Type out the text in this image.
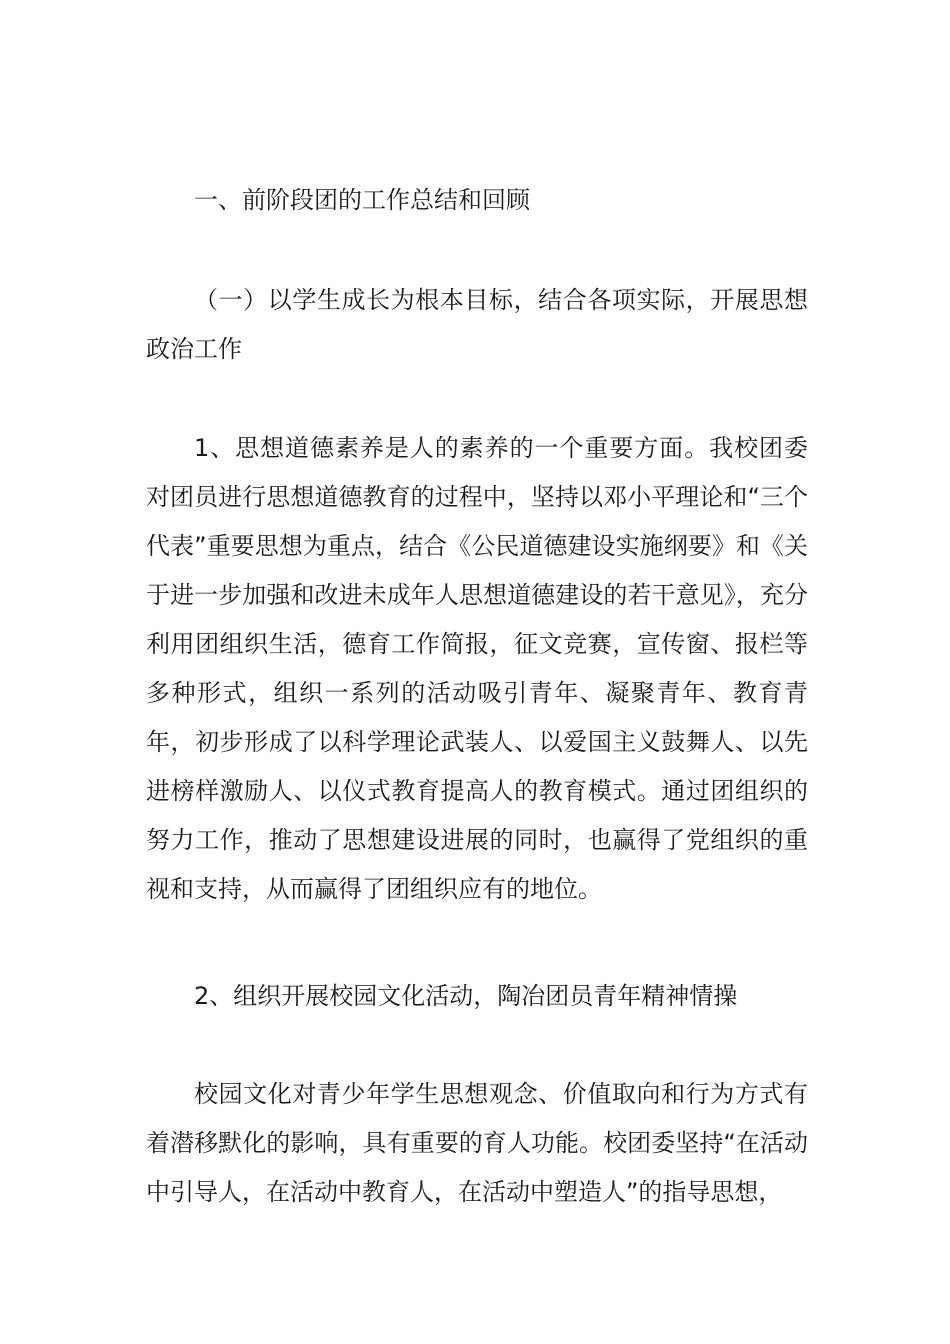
一、前阶段团的工作总结和回顾

（一）以学生成长为根本目标，结合各项实际，开展思想政治工作

1、思想道德素养是人的素养的一个重要方面。我校团委对团员进行思想道德教育的过程中，坚持以邓小平理论和“三个代表”重要思想为重点，结合《公民道德建设实施纲要》和《关于进一步加强和改进未成年人思想道德建设的若干意见》，充分利用团组织生活，德育工作简报，征文竞赛，宣传窗、报栏等多种形式，组织一系列的活动吸引青年、凝聚青年、教育青年，初步形成了以科学理论武装人、以爱国主义鼓舞人、以先进榜样激励人、以仪式教育提高人的教育模式。通过团组织的努力工作，推动了思想建设进展的同时，也赢得了党组织的重视和支持，从而赢得了团组织应有的地位。

2、组织开展校园文化活动，陶冶团员青年精神情操

校园文化对青少年学生思想观念、价值取向和行为方式有着潜移默化的影响，具有重要的育人功能。校团委坚持“在活动中引导人，在活动中教育人，在活动中塑造人”的指导思想，
